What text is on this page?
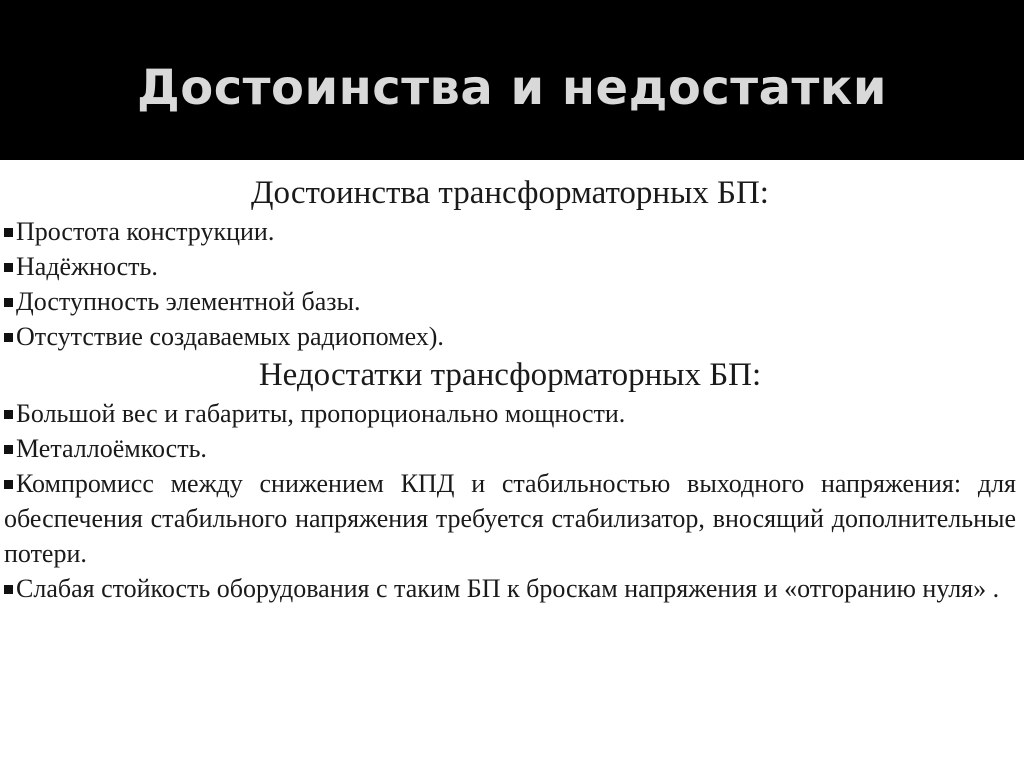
Достоинства и недостатки
Достоинства трансформаторных БП:

Простота конструкции.

Надёжность.

Доступность элементной базы.

Отсутствие создаваемых радиопомех).

Недостатки трансформаторных БП:

Большой вес и габариты, пропорционально мощности.

Металлоёмкость.

Компромисс между снижением КПД и стабильностью выходного напряжения: для обеспечения стабильного напряжения требуется стабилизатор, вносящий дополнительные потери.

Слабая стойкость оборудования с таким БП к броскам напряжения и «отгоранию нуля» .
